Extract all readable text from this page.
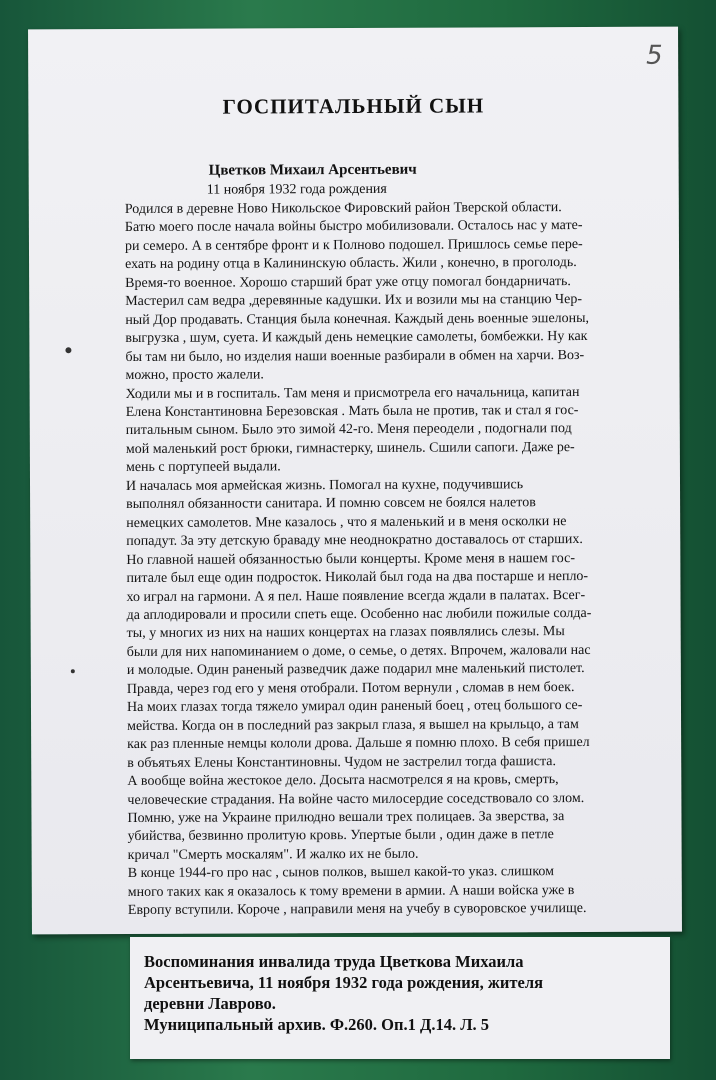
5
ГОСПИТАЛЬНЫЙ СЫН
Цветков Михаил Арсентьевич
11 ноября 1932 года рождения
Родился в деревне Ново Никольское Фировский район Тверской области.
Батю моего после начала войны быстро мобилизовали. Осталось нас у мате-
ри семеро. А в сентябре фронт и к Полново подошел. Пришлось семье пере-
ехать на родину отца в Калининскую область. Жили , конечно, в проголодь.
Время-то военное. Хорошо старший брат уже отцу помогал бондарничать.
Мастерил сам ведра ,деревянные кадушки. Их и возили мы на станцию Чер-
ный Дор продавать. Станция была конечная. Каждый день военные эшелоны,
выгрузка , шум, суета. И каждый день немецкие самолеты, бомбежки. Ну как
бы там ни было, но изделия наши военные разбирали в обмен на харчи. Воз-
можно, просто жалели.
Ходили мы и в госпиталь. Там меня и присмотрела его начальница, капитан
Елена Константиновна Березовская . Мать была не против, так и стал я гос-
питальным сыном. Было это зимой 42-го. Меня переодели , подогнали под
мой маленький рост брюки, гимнастерку, шинель. Сшили сапоги. Даже ре-
мень с портупеей выдали.
И началась моя армейская жизнь. Помогал на кухне, подучившись
выполнял обязанности санитара. И помню совсем не боялся налетов
немецких самолетов. Мне казалось , что я маленький и в меня осколки не
попадут. За эту детскую браваду мне неоднократно доставалось от старших.
Но главной нашей обязанностью были концерты. Кроме меня в нашем гос-
питале был еще один подросток. Николай был года на два постарше и непло-
хо играл на гармони. А я пел. Наше появление всегда ждали в палатах. Всег-
да аплодировали и просили спеть еще. Особенно нас любили пожилые солда-
ты, у многих из них на наших концертах на глазах появлялись слезы. Мы
были для них напоминанием о доме, о семье, о детях. Впрочем, жаловали нас
и молодые. Один раненый разведчик даже подарил мне маленький пистолет.
Правда, через год его у меня отобрали. Потом вернули , сломав в нем боек.
На моих глазах тогда тяжело умирал один раненый боец , отец большого се-
мейства. Когда он в последний раз закрыл глаза, я вышел на крыльцо, а там
как раз пленные немцы кололи дрова. Дальше я помню плохо. В себя пришел
в объятьях Елены Константиновны. Чудом не застрелил тогда фашиста.
А вообще война жестокое дело. Досыта насмотрелся я на кровь, смерть,
человеческие страдания. На войне часто милосердие соседствовало со злом.
Помню, уже на Украине прилюдно вешали трех полицаев. За зверства, за
убийства, безвинно пролитую кровь. Упертые были , один даже в петле
кричал "Смерть москалям". И жалко их не было.
В конце 1944-го про нас , сынов полков, вышел какой-то указ. слишком
много таких как я оказалось к тому времени в армии. А наши войска уже в
Европу вступили. Короче , направили меня на учебу в суворовское училище.
Воспоминания инвалида труда Цветкова Михаила
Арсентьевича, 11 ноября 1932 года рождения, жителя
деревни Лаврово.
Муниципальный архив. Ф.260. Оп.1 Д.14. Л. 5
